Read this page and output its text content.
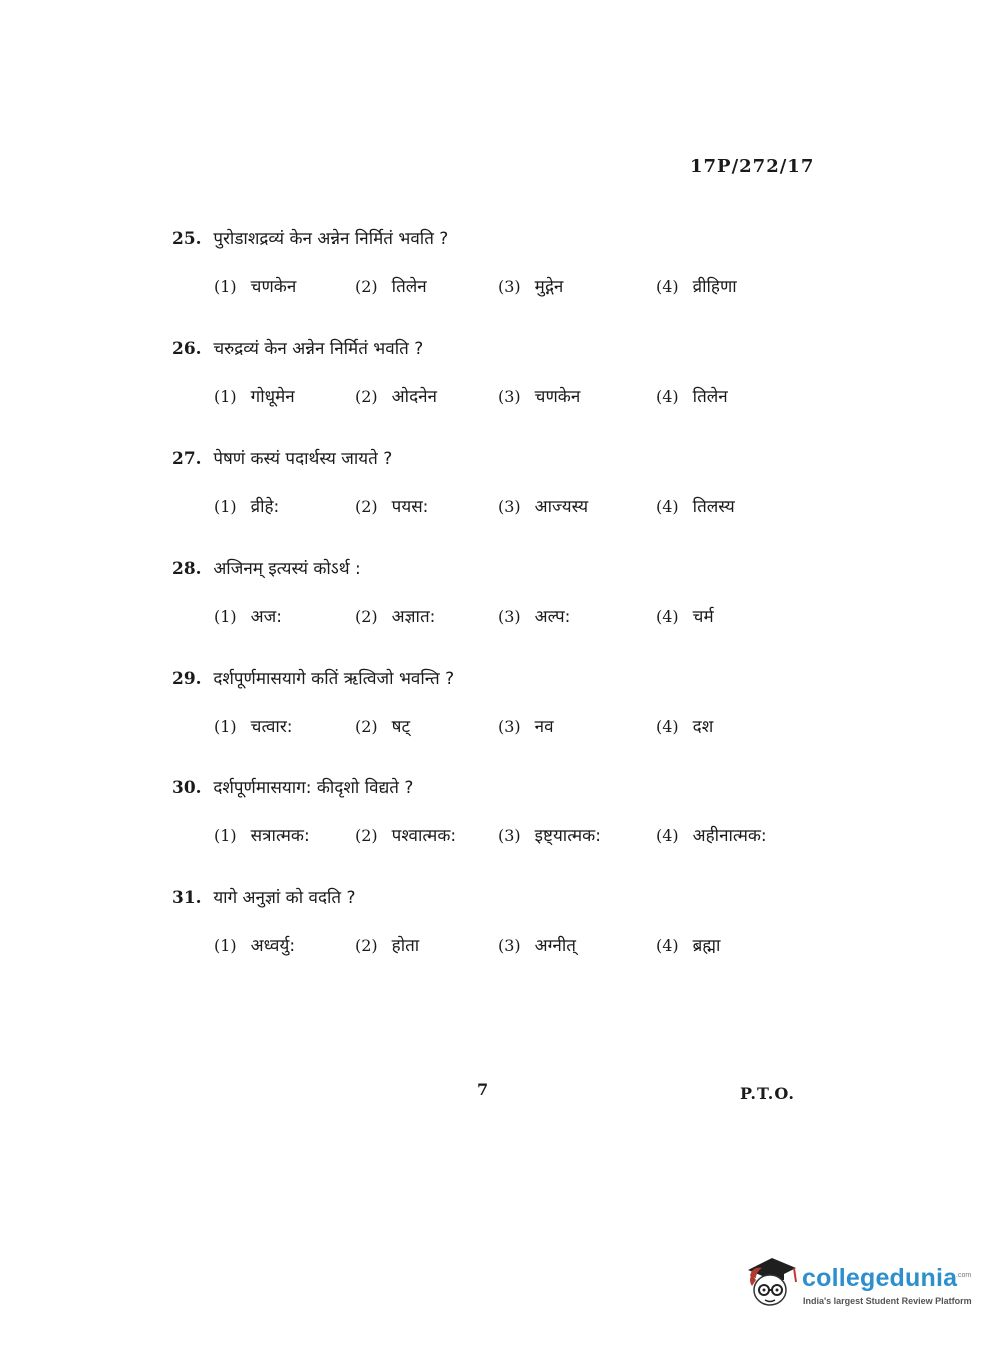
17P/272/17
25. पुरोडाशद्रव्यं केन अन्नेन निर्मितं भवति ?
(1) चणकेन	(2) तिलेन	(3) मुद्गेन	(4) व्रीहिणा
26. चरुद्रव्यं केन अन्नेन निर्मितं भवति ?
(1) गोधूमेन	(2) ओदनेन	(3) चणकेन	(4) तिलेन
27. पेषणं कस्यं पदार्थस्य जायते ?
(1) व्रीहे:	(2) पयस:	(3) आज्यस्य	(4) तिलस्य
28. अजिनम् इत्यस्यं कोऽर्थ :
(1) अज:	(2) अज्ञात:	(3) अल्प:	(4) चर्म
29. दर्शपूर्णमासयागे कतिं ऋत्विजो भवन्ति ?
(1) चत्वार:	(2) षट्	(3) नव	(4) दश
30. दर्शपूर्णमासयाग: कीदृशो विद्यते ?
(1) सत्रात्मक:	(2) पश्वात्मक:	(3) इष्ट्यात्मक:	(4) अहीनात्मक:
31. यागे अनुज्ञां को वदति ?
(1) अध्वर्यु:	(2) होता	(3) अग्नीत्	(4) ब्रह्मा
7	P.T.O.
collegedunia
.com
India's largest Student Review Platform
